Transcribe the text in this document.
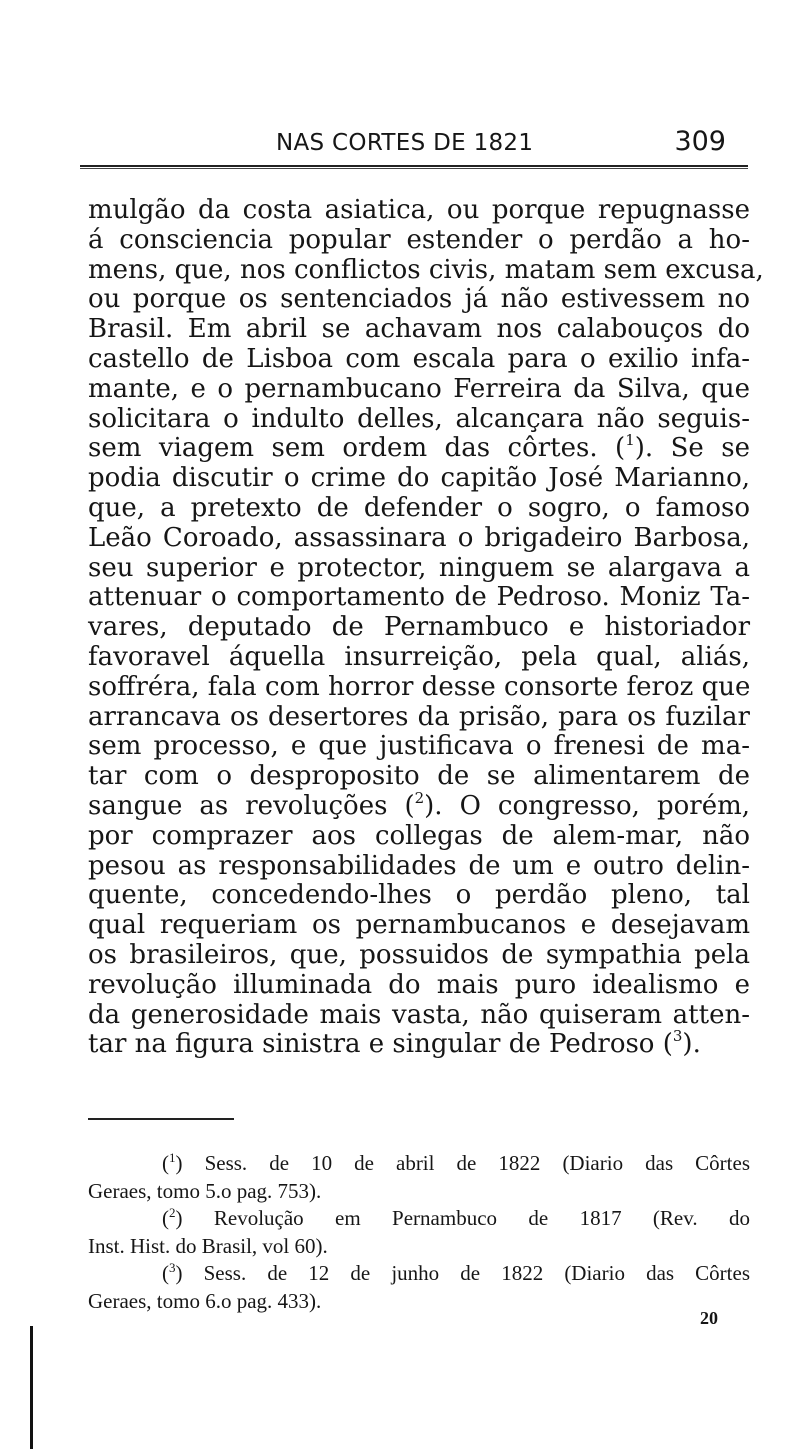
NAS CORTES DE 1821	309
mulgão da costa asiatica, ou porque repugnasse
á consciencia popular estender o perdão a ho-
mens, que, nos conflictos civis, matam sem excusa,
ou porque os sentenciados já não estivessem no
Brasil. Em abril se achavam nos calabouços do
castello de Lisboa com escala para o exilio infa-
mante, e o pernambucano Ferreira da Silva, que
solicitara o indulto delles, alcançara não seguis-
sem viagem sem ordem das côrtes. ($^1$). Se se
podia discutir o crime do capitão José Marianno,
que, a pretexto de defender o sogro, o famoso
Leão Coroado, assassinara o brigadeiro Barbosa,
seu superior e protector, ninguem se alargava a
attenuar o comportamento de Pedroso. Moniz Ta-
vares, deputado de Pernambuco e historiador
favoravel áquella insurreição, pela qual, aliás,
soffréra, fala com horror desse consorte feroz que
arrancava os desertores da prisão, para os fuzilar
sem processo, e que justificava o frenesi de ma-
tar com o desproposito de se alimentarem de
sangue as revoluções ($^2$). O congresso, porém,
por comprazer aos collegas de alem-mar, não
pesou as responsabilidades de um e outro delin-
quente, concedendo-lhes o perdão pleno, tal
qual requeriam os pernambucanos e desejavam
os brasileiros, que, possuidos de sympathia pela
revolução illuminada do mais puro idealismo e
da generosidade mais vasta, não quiseram atten-
tar na figura sinistra e singular de Pedroso ($^3$).
($^1$) Sess. de 10 de abril de 1822 (Diario das Côrtes
Geraes, tomo 5.o pag. 753).
($^2$) Revolução em Pernambuco de 1817 (Rev. do
Inst. Hist. do Brasil, vol 60).
($^3$) Sess. de 12 de junho de 1822 (Diario das Côrtes
Geraes, tomo 6.o pag. 433).
20
